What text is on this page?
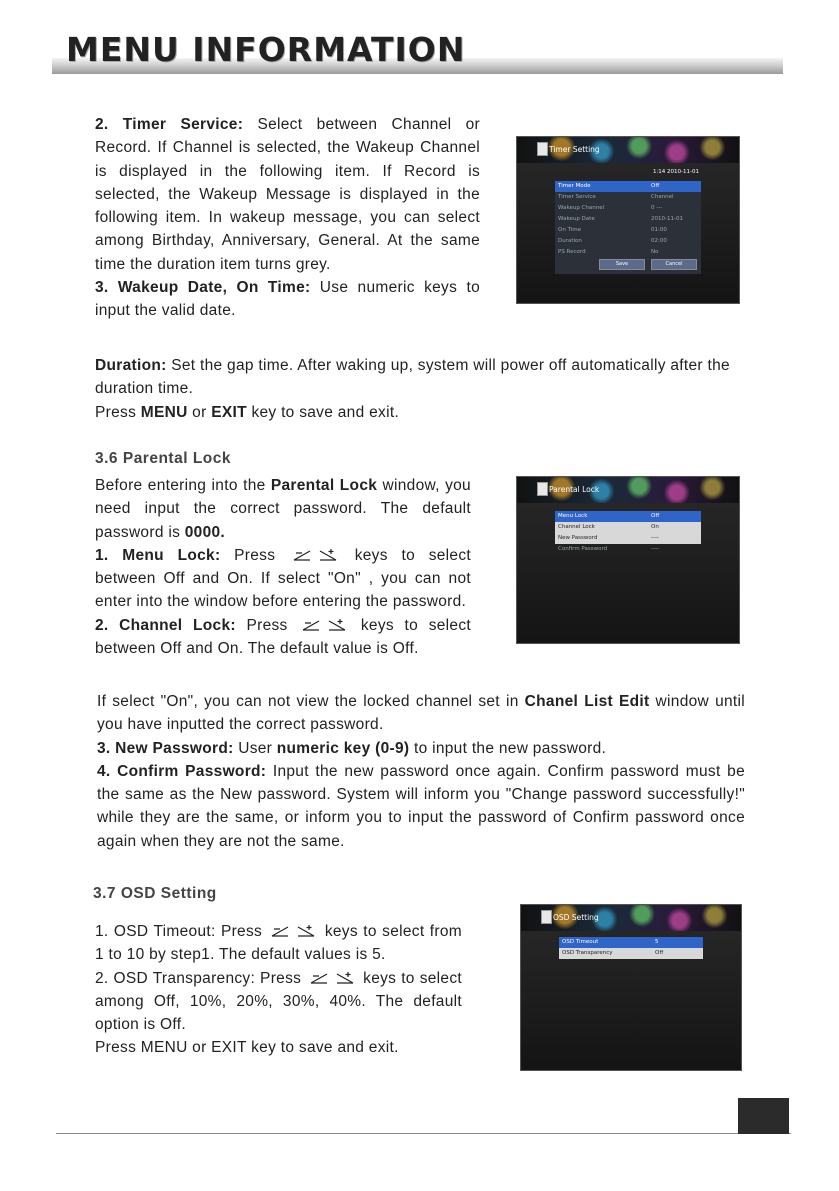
MENU INFORMATION

2. Timer Service: Select between Channel or Record. If Channel is selected, the Wakeup Channel is displayed in the following item. If Record is selected, the Wakeup Message is displayed in the following item. In wakeup message, you can select among Birthday, Anniversary, General. At the same time the duration item turns grey.

3. Wakeup Date, On Time: Use numeric keys to input the valid date.

Timer Setting
1:14 2010-11-01
Timer Mode	Off
Timer Service	Channel
Wakeup Channel	0 ---
Wakeup Date	2010-11-01
On Time	01:00
Duration	02:00
PS Record	No
Save	Cancel

Duration: Set the gap time. After waking up, system will power off automatically after the duration time.

Press MENU or EXIT key to save and exit.

3.6 Parental Lock

Before entering into the Parental Lock window, you need input the correct password. The default password is 0000.

1. Menu Lock: Press	keys to select between Off and On. If select "On" , you can not enter into the window before entering the password.

2. Channel Lock: Press	keys to select between Off and On. The default value is Off.

Parental Lock
Menu Lock	Off
Channel Lock	On
New Password	----
Confirm Password	----

If select "On", you can not view the locked channel set in Chanel List Edit window until you have inputted the correct password.

3. New Password: User numeric key (0-9) to input the new password.

4. Confirm Password: Input the new password once again. Confirm password must be the same as the New password. System will inform you "Change password successfully!" while they are the same, or inform you to input the password of Confirm password once again when they are not the same.

3.7 OSD Setting

1. OSD Timeout: Press	keys to select from 1 to 10 by step1. The default values is 5.

2. OSD Transparency: Press	keys to select among Off, 10%, 20%, 30%, 40%. The default option is Off.

Press MENU or EXIT key to save and exit.

OSD Setting
OSD Timeout	5
OSD Transparency	Off
